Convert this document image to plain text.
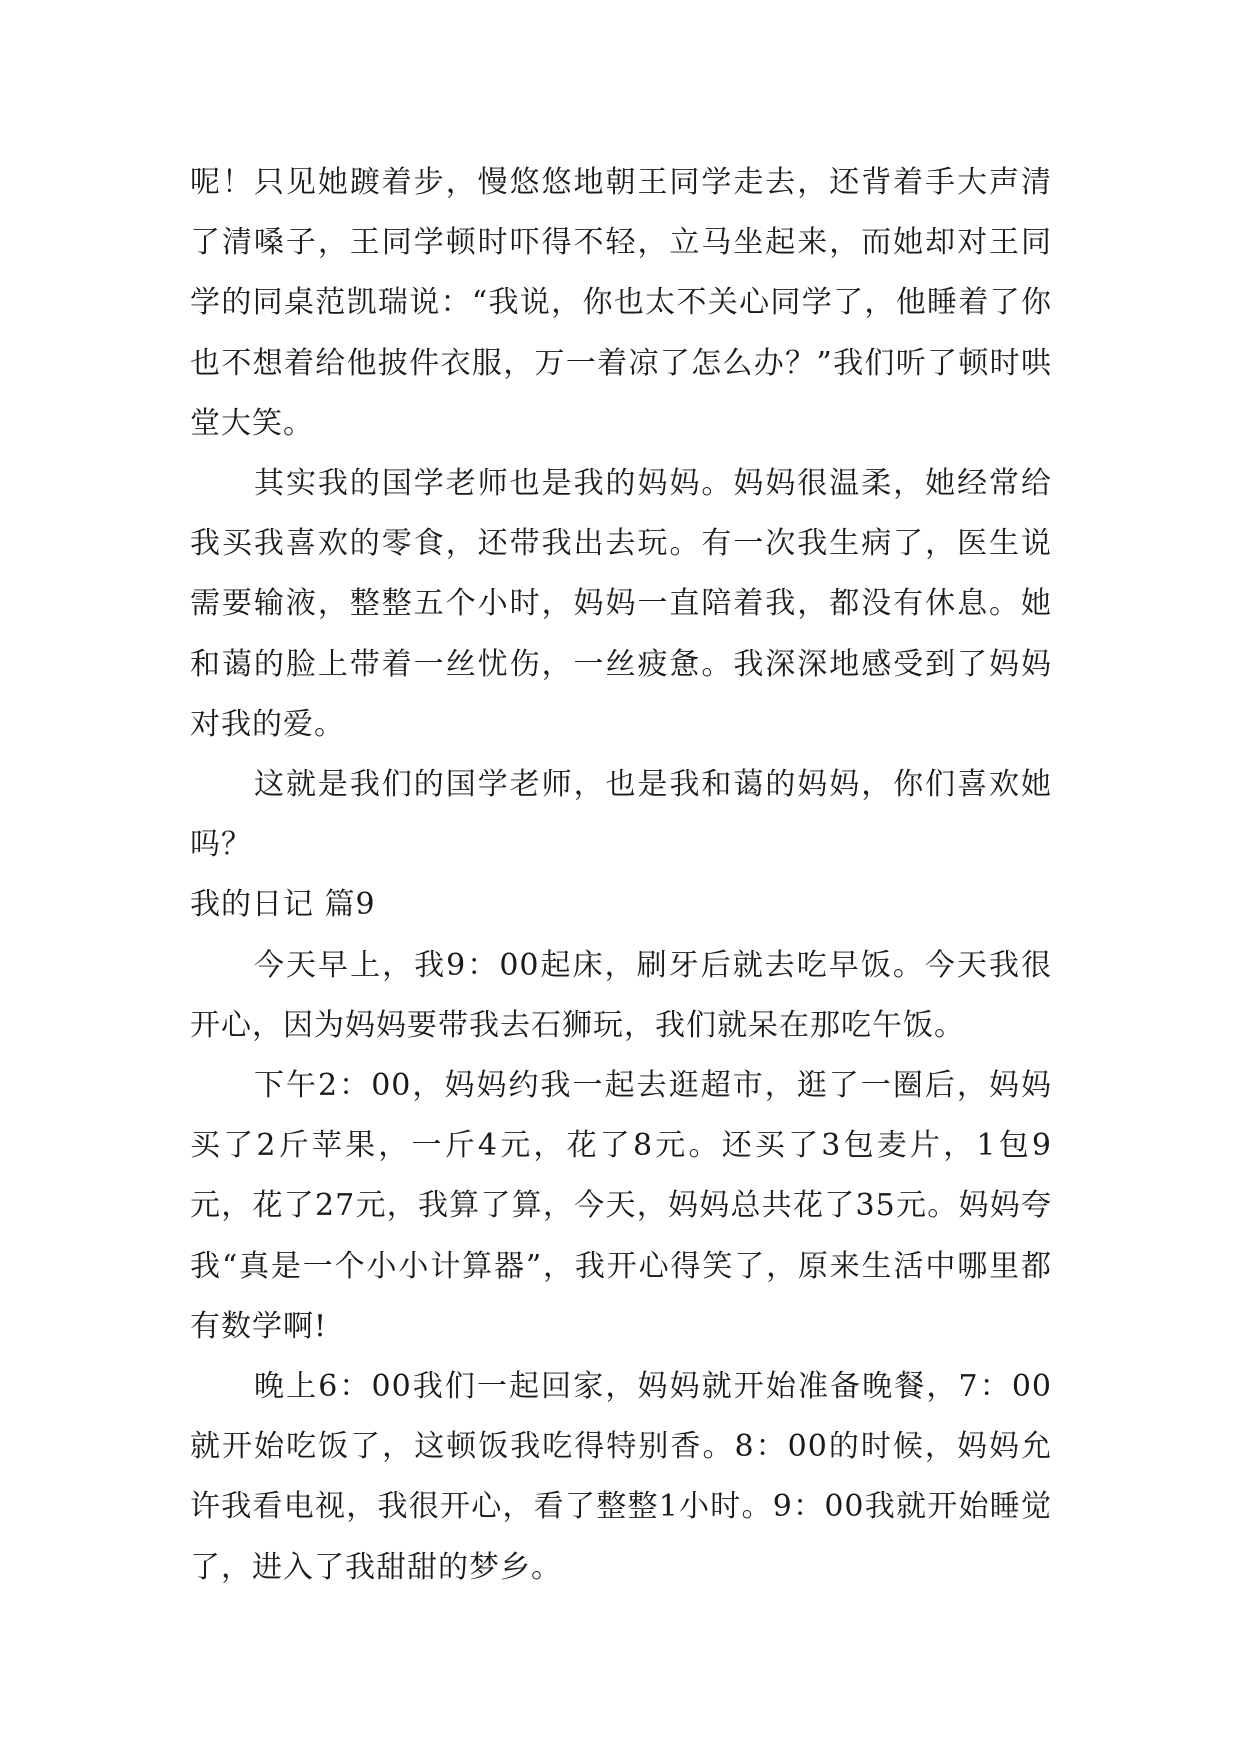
呢！只见她踱着步，慢悠悠地朝王同学走去，还背着手大声清了清嗓子，王同学顿时吓得不轻，立马坐起来，而她却对王同学的同桌范凯瑞说：“我说，你也太不关心同学了，他睡着了你也不想着给他披件衣服，万一着凉了怎么办？”我们听了顿时哄堂大笑。

其实我的国学老师也是我的妈妈。妈妈很温柔，她经常给我买我喜欢的零食，还带我出去玩。有一次我生病了，医生说需要输液，整整五个小时，妈妈一直陪着我，都没有休息。她和蔼的脸上带着一丝忧伤，一丝疲惫。我深深地感受到了妈妈对我的爱。

这就是我们的国学老师，也是我和蔼的妈妈，你们喜欢她吗？

我的日记 篇9

今天早上，我9：00起床，刷牙后就去吃早饭。今天我很开心，因为妈妈要带我去石狮玩，我们就呆在那吃午饭。

下午2：00，妈妈约我一起去逛超市，逛了一圈后，妈妈买了2斤苹果，一斤4元，花了8元。还买了3包麦片，1包9元，花了27元，我算了算，今天，妈妈总共花了35元。妈妈夸我“真是一个小小计算器”，我开心得笑了，原来生活中哪里都有数学啊!

晚上6：00我们一起回家，妈妈就开始准备晚餐，7：00就开始吃饭了，这顿饭我吃得特别香。8：00的时候，妈妈允许我看电视，我很开心，看了整整1小时。9：00我就开始睡觉了，进入了我甜甜的梦乡。
